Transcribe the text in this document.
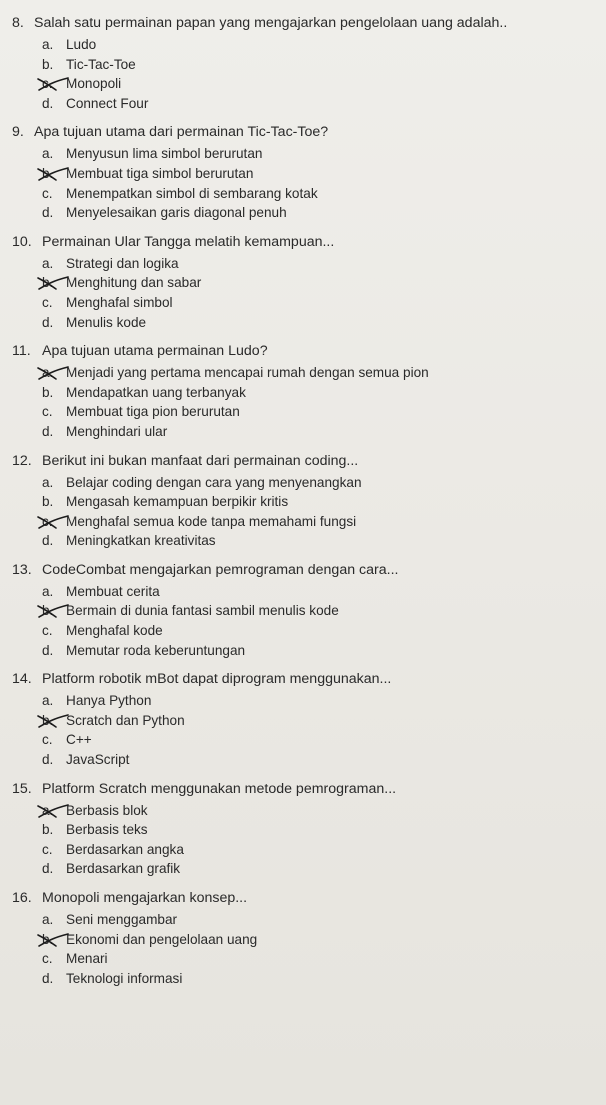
8. Salah satu permainan papan yang mengajarkan pengelolaan uang adalah..
a. Ludo
b. Tic-Tac-Toe
c. Monopoli
d. Connect Four
9. Apa tujuan utama dari permainan Tic-Tac-Toe?
a. Menyusun lima simbol berurutan
b. Membuat tiga simbol berurutan
c. Menempatkan simbol di sembarang kotak
d. Menyelesaikan garis diagonal penuh
10. Permainan Ular Tangga melatih kemampuan...
a. Strategi dan logika
b. Menghitung dan sabar
c. Menghafal simbol
d. Menulis kode
11. Apa tujuan utama permainan Ludo?
a. Menjadi yang pertama mencapai rumah dengan semua pion
b. Mendapatkan uang terbanyak
c. Membuat tiga pion berurutan
d. Menghindari ular
12. Berikut ini bukan manfaat dari permainan coding...
a. Belajar coding dengan cara yang menyenangkan
b. Mengasah kemampuan berpikir kritis
c. Menghafal semua kode tanpa memahami fungsi
d. Meningkatkan kreativitas
13. CodeCombat mengajarkan pemrograman dengan cara...
a. Membuat cerita
b. Bermain di dunia fantasi sambil menulis kode
c. Menghafal kode
d. Memutar roda keberuntungan
14. Platform robotik mBot dapat diprogram menggunakan...
a. Hanya Python
b. Scratch dan Python
c. C++
d. JavaScript
15. Platform Scratch menggunakan metode pemrograman...
a. Berbasis blok
b. Berbasis teks
c. Berdasarkan angka
d. Berdasarkan grafik
16. Monopoli mengajarkan konsep...
a. Seni menggambar
b. Ekonomi dan pengelolaan uang
c. Menari
d. Teknologi informasi
